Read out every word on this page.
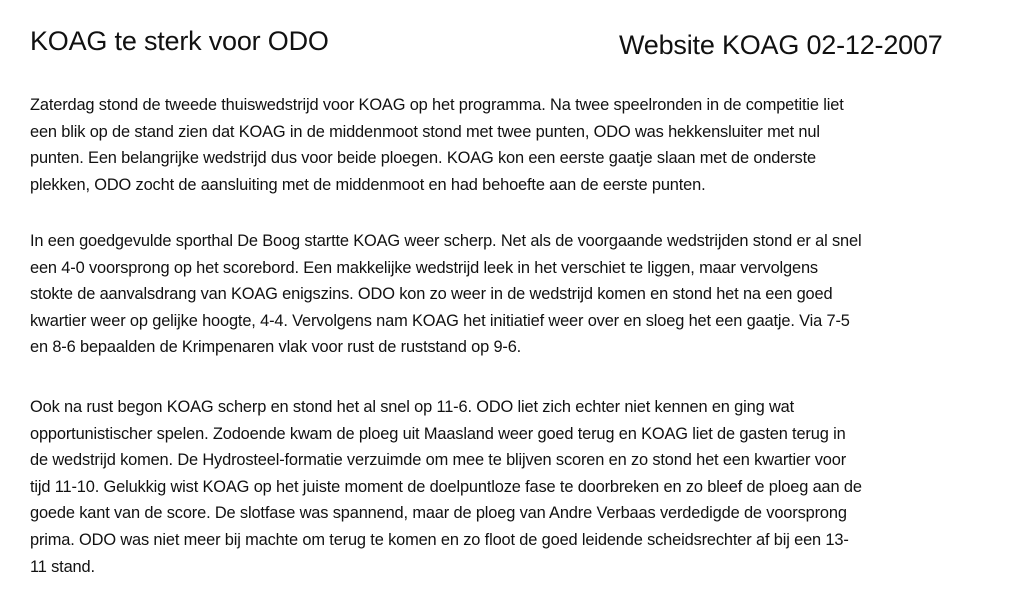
KOAG te sterk voor ODO	Website KOAG 02-12-2007
Zaterdag stond de tweede thuiswedstrijd voor KOAG op het programma. Na twee speelronden in de competitie liet
een blik op de stand zien dat KOAG in de middenmoot stond met twee punten, ODO was hekkensluiter met nul
punten. Een belangrijke wedstrijd dus voor beide ploegen. KOAG kon een eerste gaatje slaan met de onderste
plekken, ODO zocht de aansluiting met de middenmoot en had behoefte aan de eerste punten.
In een goedgevulde sporthal De Boog startte KOAG weer scherp. Net als de voorgaande wedstrijden stond er al snel
een 4-0 voorsprong op het scorebord. Een makkelijke wedstrijd leek in het verschiet te liggen, maar vervolgens
stokte de aanvalsdrang van KOAG enigszins. ODO kon zo weer in de wedstrijd komen en stond het na een goed
kwartier weer op gelijke hoogte, 4-4. Vervolgens nam KOAG het initiatief weer over en sloeg het een gaatje. Via 7-5
en 8-6 bepaalden de Krimpenaren vlak voor rust de ruststand op 9-6.
Ook na rust begon KOAG scherp en stond het al snel op 11-6. ODO liet zich echter niet kennen en ging wat
opportunistischer spelen. Zodoende kwam de ploeg uit Maasland weer goed terug en KOAG liet de gasten terug in
de wedstrijd komen. De Hydrosteel-formatie verzuimde om mee te blijven scoren en zo stond het een kwartier voor
tijd 11-10. Gelukkig wist KOAG op het juiste moment de doelpuntloze fase te doorbreken en zo bleef de ploeg aan de
goede kant van de score. De slotfase was spannend, maar de ploeg van Andre Verbaas verdedigde de voorsprong
prima. ODO was niet meer bij machte om terug te komen en zo floot de goed leidende scheidsrechter af bij een 13-
11 stand.
